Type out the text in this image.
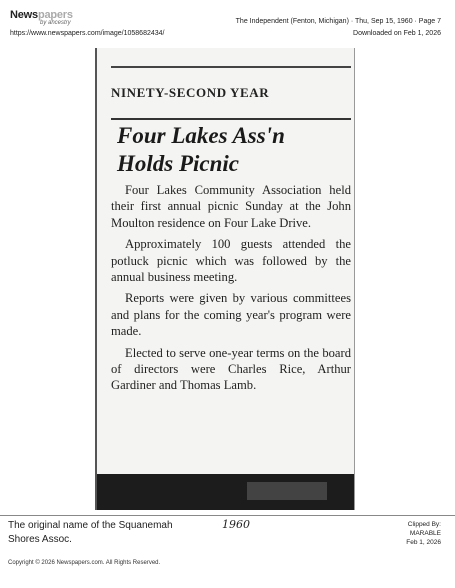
Newspapers
by ancestry
https://www.newspapers.com/image/1058682434/
The Independent (Fenton, Michigan) · Thu, Sep 15, 1960 · Page 7
Downloaded on Feb 1, 2026
NINETY-SECOND YEAR
Four Lakes Ass'n
Holds Picnic

Four Lakes Community Association held their first annual picnic Sunday at the John Moulton residence on Four Lake Drive.

Approximately 100 guests attended the potluck picnic which was followed by the annual business meeting.

Reports were given by various committees and plans for the coming year's program were made.

Elected to serve one-year terms on the board of directors were Charles Rice, Arthur Gardiner and Thomas Lamb.

The original name of the Squanemah
Shores Assoc.
1960	Clipped By:
MARABLE
Feb 1, 2026
Copyright © 2026 Newspapers.com. All Rights Reserved.
